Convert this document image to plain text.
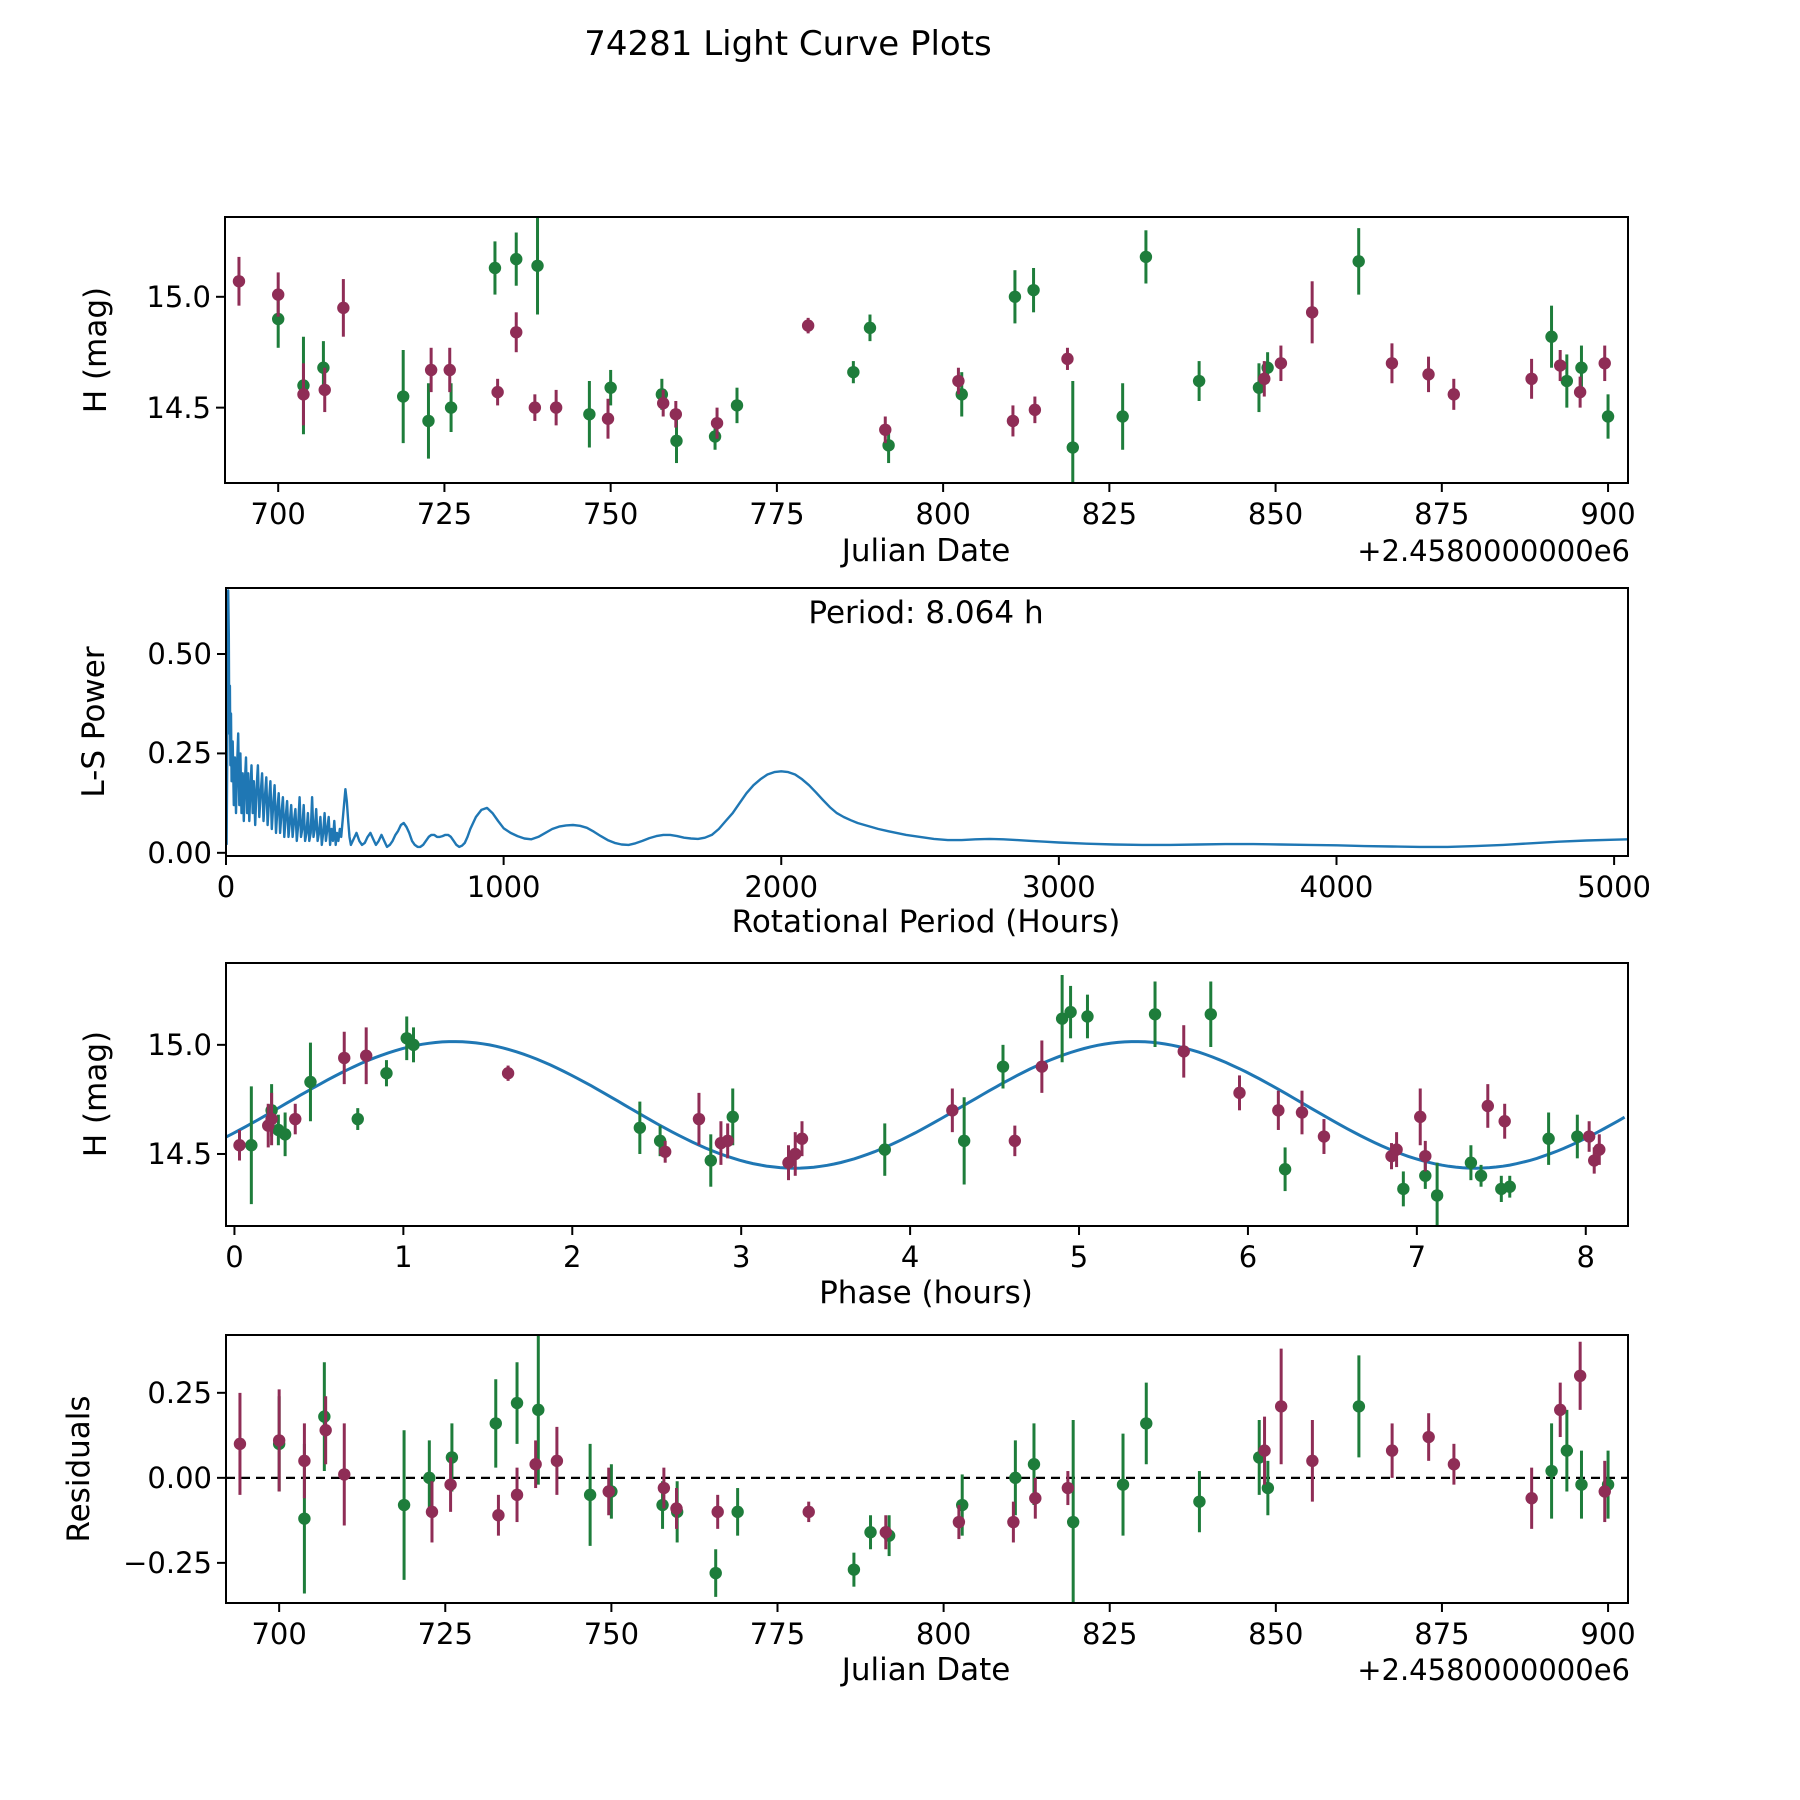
74281 Light Curve Plots
H (mag)
Julian Date	+2.4580000000e6
L-S Power
Rotational Period (Hours)
Period: 8.064 h
H (mag)
Phase (hours)
Residuals
Julian Date	+2.4580000000e6
700	725	750	775	800	825	850	875	900
15.0
14.5
0	1000	2000	3000	4000	5000
0.50
0.25
0.00
0	1	2	3	4	5	6	7	8
15.0
14.5
700	725	750	775	800	825	850	875	900
0.25
0.00
−0.25
